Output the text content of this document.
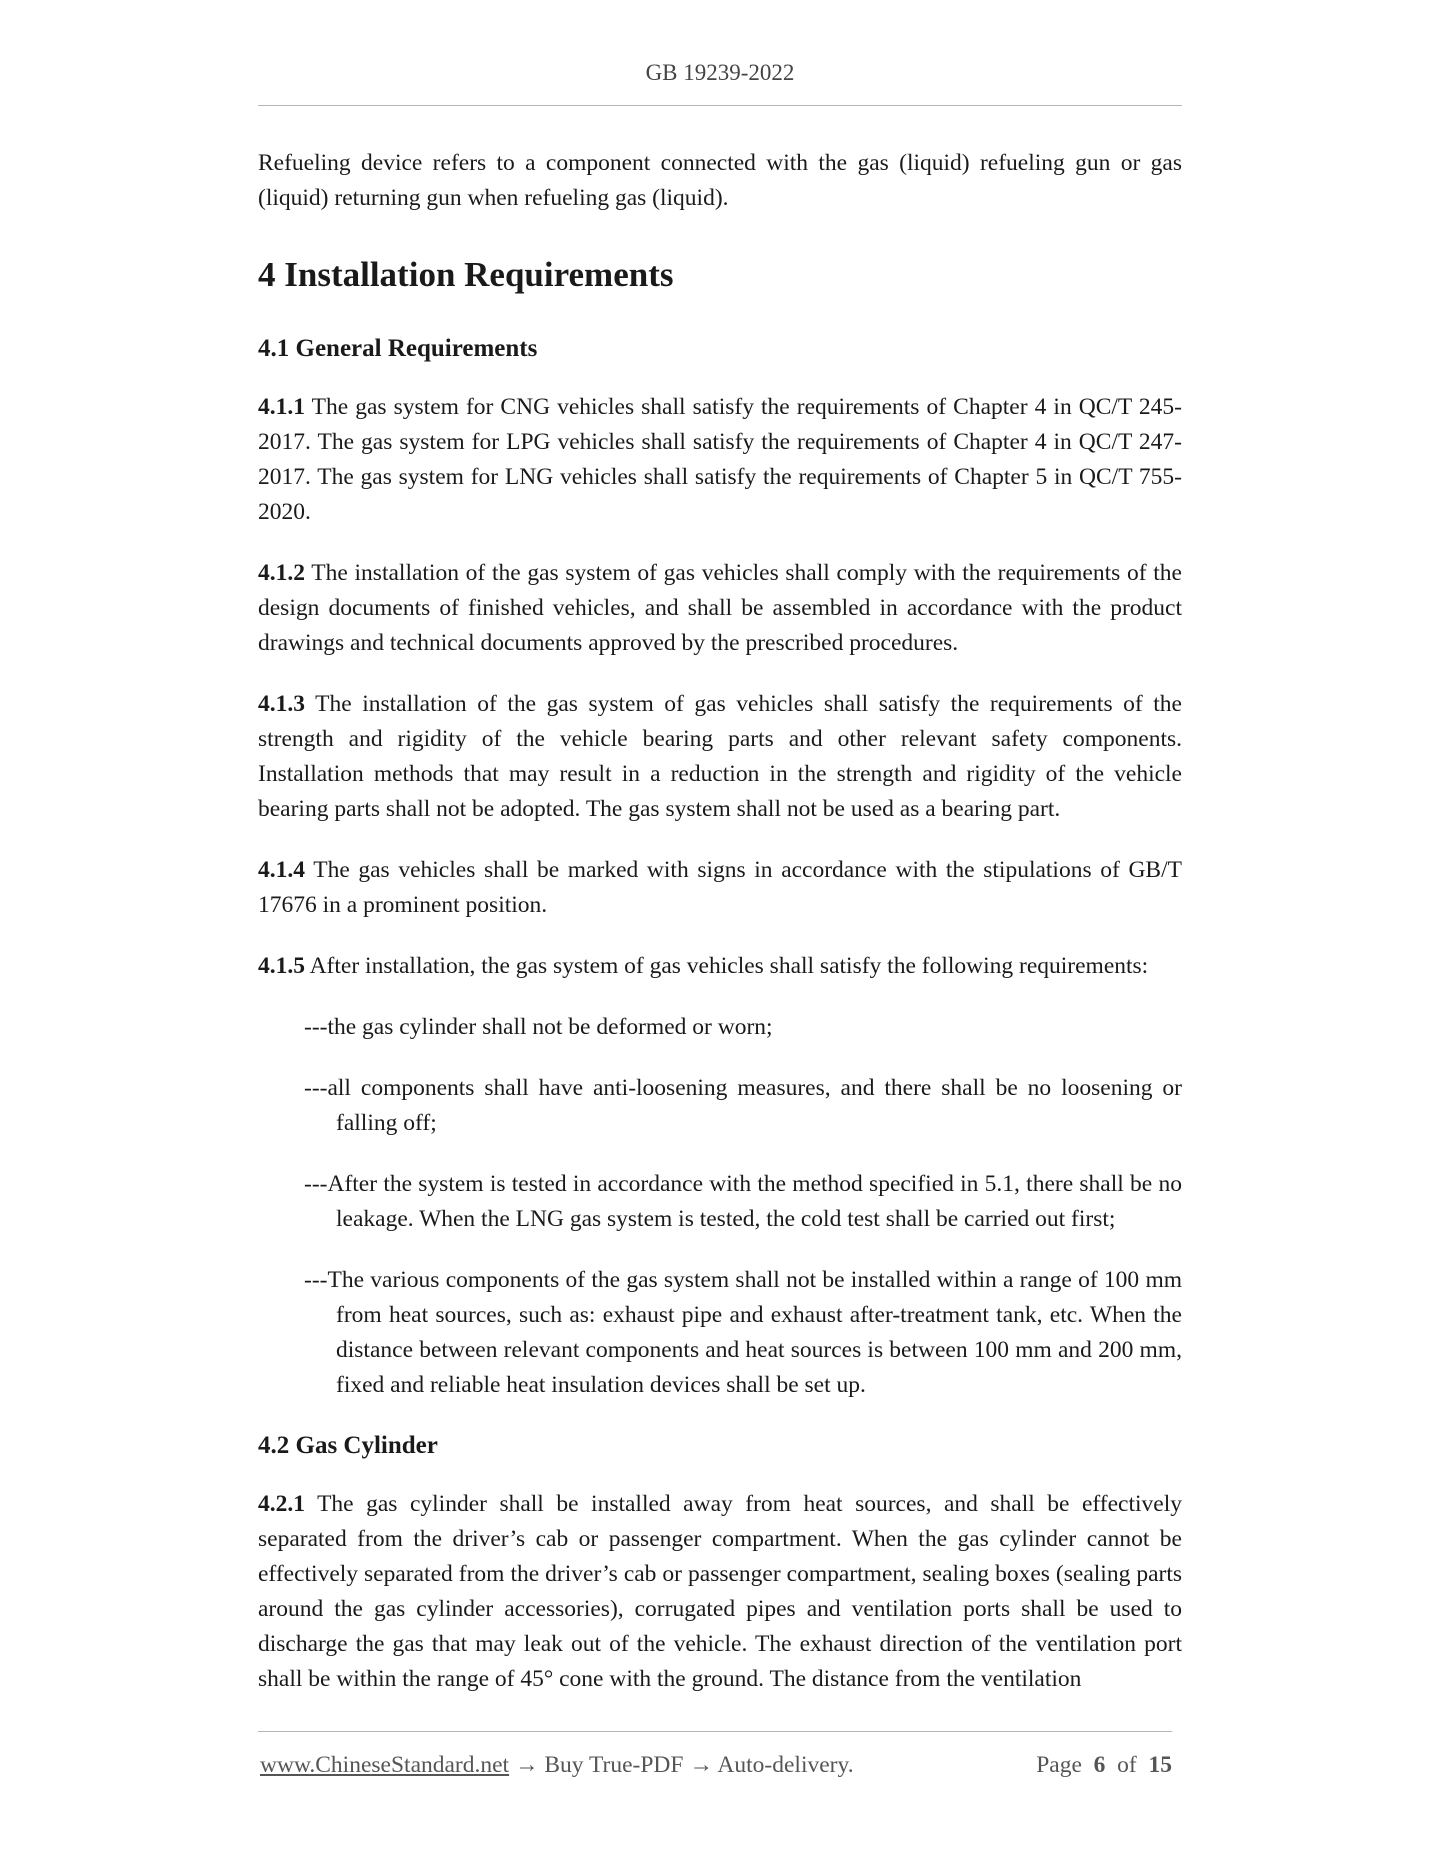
GB 19239-2022

Refueling device refers to a component connected with the gas (liquid) refueling gun or gas (liquid) returning gun when refueling gas (liquid).

4 Installation Requirements
4.1 General Requirements

4.1.1 The gas system for CNG vehicles shall satisfy the requirements of Chapter 4 in QC/T 245-2017. The gas system for LPG vehicles shall satisfy the requirements of Chapter 4 in QC/T 247-2017. The gas system for LNG vehicles shall satisfy the requirements of Chapter 5 in QC/T 755-2020.

4.1.2 The installation of the gas system of gas vehicles shall comply with the requirements of the design documents of finished vehicles, and shall be assembled in accordance with the product drawings and technical documents approved by the prescribed procedures.

4.1.3 The installation of the gas system of gas vehicles shall satisfy the requirements of the strength and rigidity of the vehicle bearing parts and other relevant safety components. Installation methods that may result in a reduction in the strength and rigidity of the vehicle bearing parts shall not be adopted. The gas system shall not be used as a bearing part.

4.1.4 The gas vehicles shall be marked with signs in accordance with the stipulations of GB/T 17676 in a prominent position.

4.1.5 After installation, the gas system of gas vehicles shall satisfy the following requirements:

---the gas cylinder shall not be deformed or worn;
---all components shall have anti-loosening measures, and there shall be no loosening or falling off;
---After the system is tested in accordance with the method specified in 5.1, there shall be no leakage. When the LNG gas system is tested, the cold test shall be carried out first;
---The various components of the gas system shall not be installed within a range of 100 mm from heat sources, such as: exhaust pipe and exhaust after-treatment tank, etc. When the distance between relevant components and heat sources is between 100 mm and 200 mm, fixed and reliable heat insulation devices shall be set up.
4.2 Gas Cylinder

4.2.1 The gas cylinder shall be installed away from heat sources, and shall be effectively separated from the driver’s cab or passenger compartment. When the gas cylinder cannot be effectively separated from the driver’s cab or passenger compartment, sealing boxes (sealing parts around the gas cylinder accessories), corrugated pipes and ventilation ports shall be used to discharge the gas that may leak out of the vehicle. The exhaust direction of the ventilation port shall be within the range of 45° cone with the ground. The distance from the ventilation

www.ChineseStandard.net → Buy True-PDF → Auto-delivery.	Page 6 of 15
